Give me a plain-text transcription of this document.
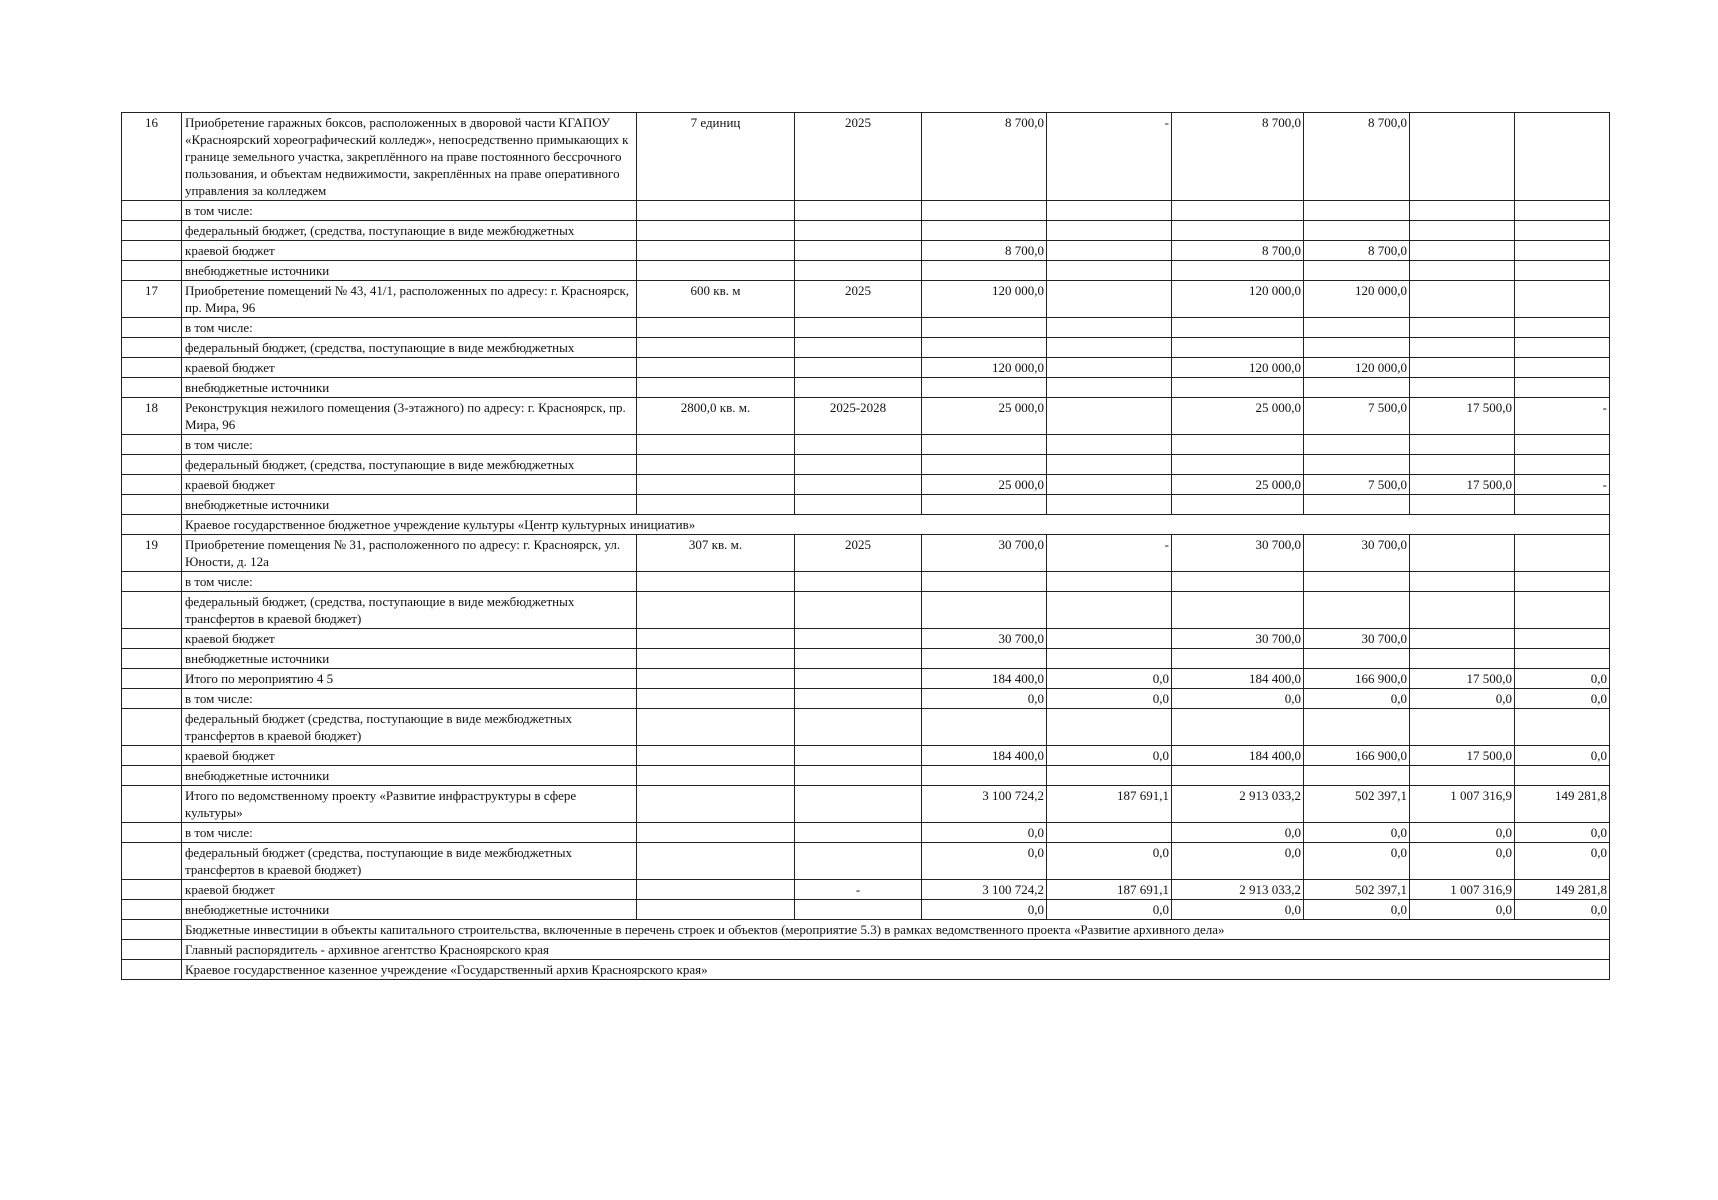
16	Приобретение гаражных боксов, расположенных в дворовой части КГАПОУ «Красноярский хореографический колледж», непосредственно примыкающих к границе земельного участка, закреплённого на праве постоянного бессрочного пользования, и объектам недвижимости, закреплённых на праве оперативного управления за колледжем	7 единиц	2025	8 700,0	-	8 700,0	8 700,0		
	в том числе:								
	федеральный бюджет, (средства, поступающие в виде межбюджетных								
	краевой бюджет			8 700,0		8 700,0	8 700,0		
	внебюджетные источники								
17	Приобретение помещений № 43, 41/1, расположенных по адресу: г. Красноярск, пр. Мира, 96	600 кв. м	2025	120 000,0		120 000,0	120 000,0		
	в том числе:								
	федеральный бюджет, (средства, поступающие в виде межбюджетных								
	краевой бюджет			120 000,0		120 000,0	120 000,0		
	внебюджетные источники								
18	Реконструкция нежилого помещения (3-этажного) по адресу: г. Красноярск, пр. Мира, 96	2800,0 кв. м.	2025-2028	25 000,0		25 000,0	7 500,0	17 500,0	-
	в том числе:								
	федеральный бюджет, (средства, поступающие в виде межбюджетных								
	краевой бюджет			25 000,0		25 000,0	7 500,0	17 500,0	-
	внебюджетные источники								
	Краевое государственное бюджетное учреждение культуры «Центр культурных инициатив»								
19	Приобретение помещения № 31, расположенного по адресу: г. Красноярск, ул. Юности, д. 12а	307 кв. м.	2025	30 700,0	-	30 700,0	30 700,0		
	в том числе:								
	федеральный бюджет, (средства, поступающие в виде межбюджетных трансфертов в краевой бюджет)								
	краевой бюджет			30 700,0		30 700,0	30 700,0		
	внебюджетные источники								
	Итого по мероприятию 4 5			184 400,0	0,0	184 400,0	166 900,0	17 500,0	0,0
	в том числе:			0,0	0,0	0,0	0,0	0,0	0,0
	федеральный бюджет (средства, поступающие в виде межбюджетных трансфертов в краевой бюджет)								
	краевой бюджет			184 400,0	0,0	184 400,0	166 900,0	17 500,0	0,0
	внебюджетные источники								
	Итого по ведомственному проекту «Развитие инфраструктуры в сфере культуры»			3 100 724,2	187 691,1	2 913 033,2	502 397,1	1 007 316,9	149 281,8
	в том числе:			0,0		0,0	0,0	0,0	0,0
	федеральный бюджет (средства, поступающие в виде межбюджетных трансфертов в краевой бюджет)			0,0	0,0	0,0	0,0	0,0	0,0
	краевой бюджет		-	3 100 724,2	187 691,1	2 913 033,2	502 397,1	1 007 316,9	149 281,8
	внебюджетные источники			0,0	0,0	0,0	0,0	0,0	0,0
	Бюджетные инвестиции в объекты капитального строительства, включенные в перечень строек и объектов (мероприятие 5.3) в рамках ведомственного проекта «Развитие архивного дела»								
	Главный распорядитель - архивное агентство Красноярского края								
	Краевое государственное казенное учреждение «Государственный архив Красноярского края»								
